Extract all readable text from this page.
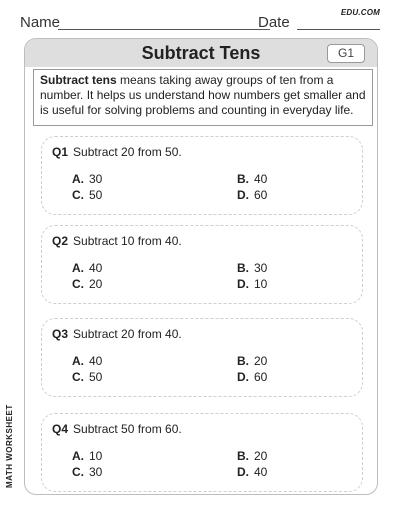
Name	Date
EDU.COM
Subtract Tens	G1
Subtract tens means taking away groups of ten from a number. It helps us understand how numbers get smaller and is useful for solving problems and counting in everyday life.
Q1 Subtract 20 from 50.
A. 30	B. 40
C. 50	D. 60
Q2 Subtract 10 from 40.
A. 40	B. 30
C. 20	D. 10
Q3 Subtract 20 from 40.
A. 40	B. 20
C. 50	D. 60
Q4 Subtract 50 from 60.
A. 10	B. 20
C. 30	D. 40
MATH WORKSHEET
